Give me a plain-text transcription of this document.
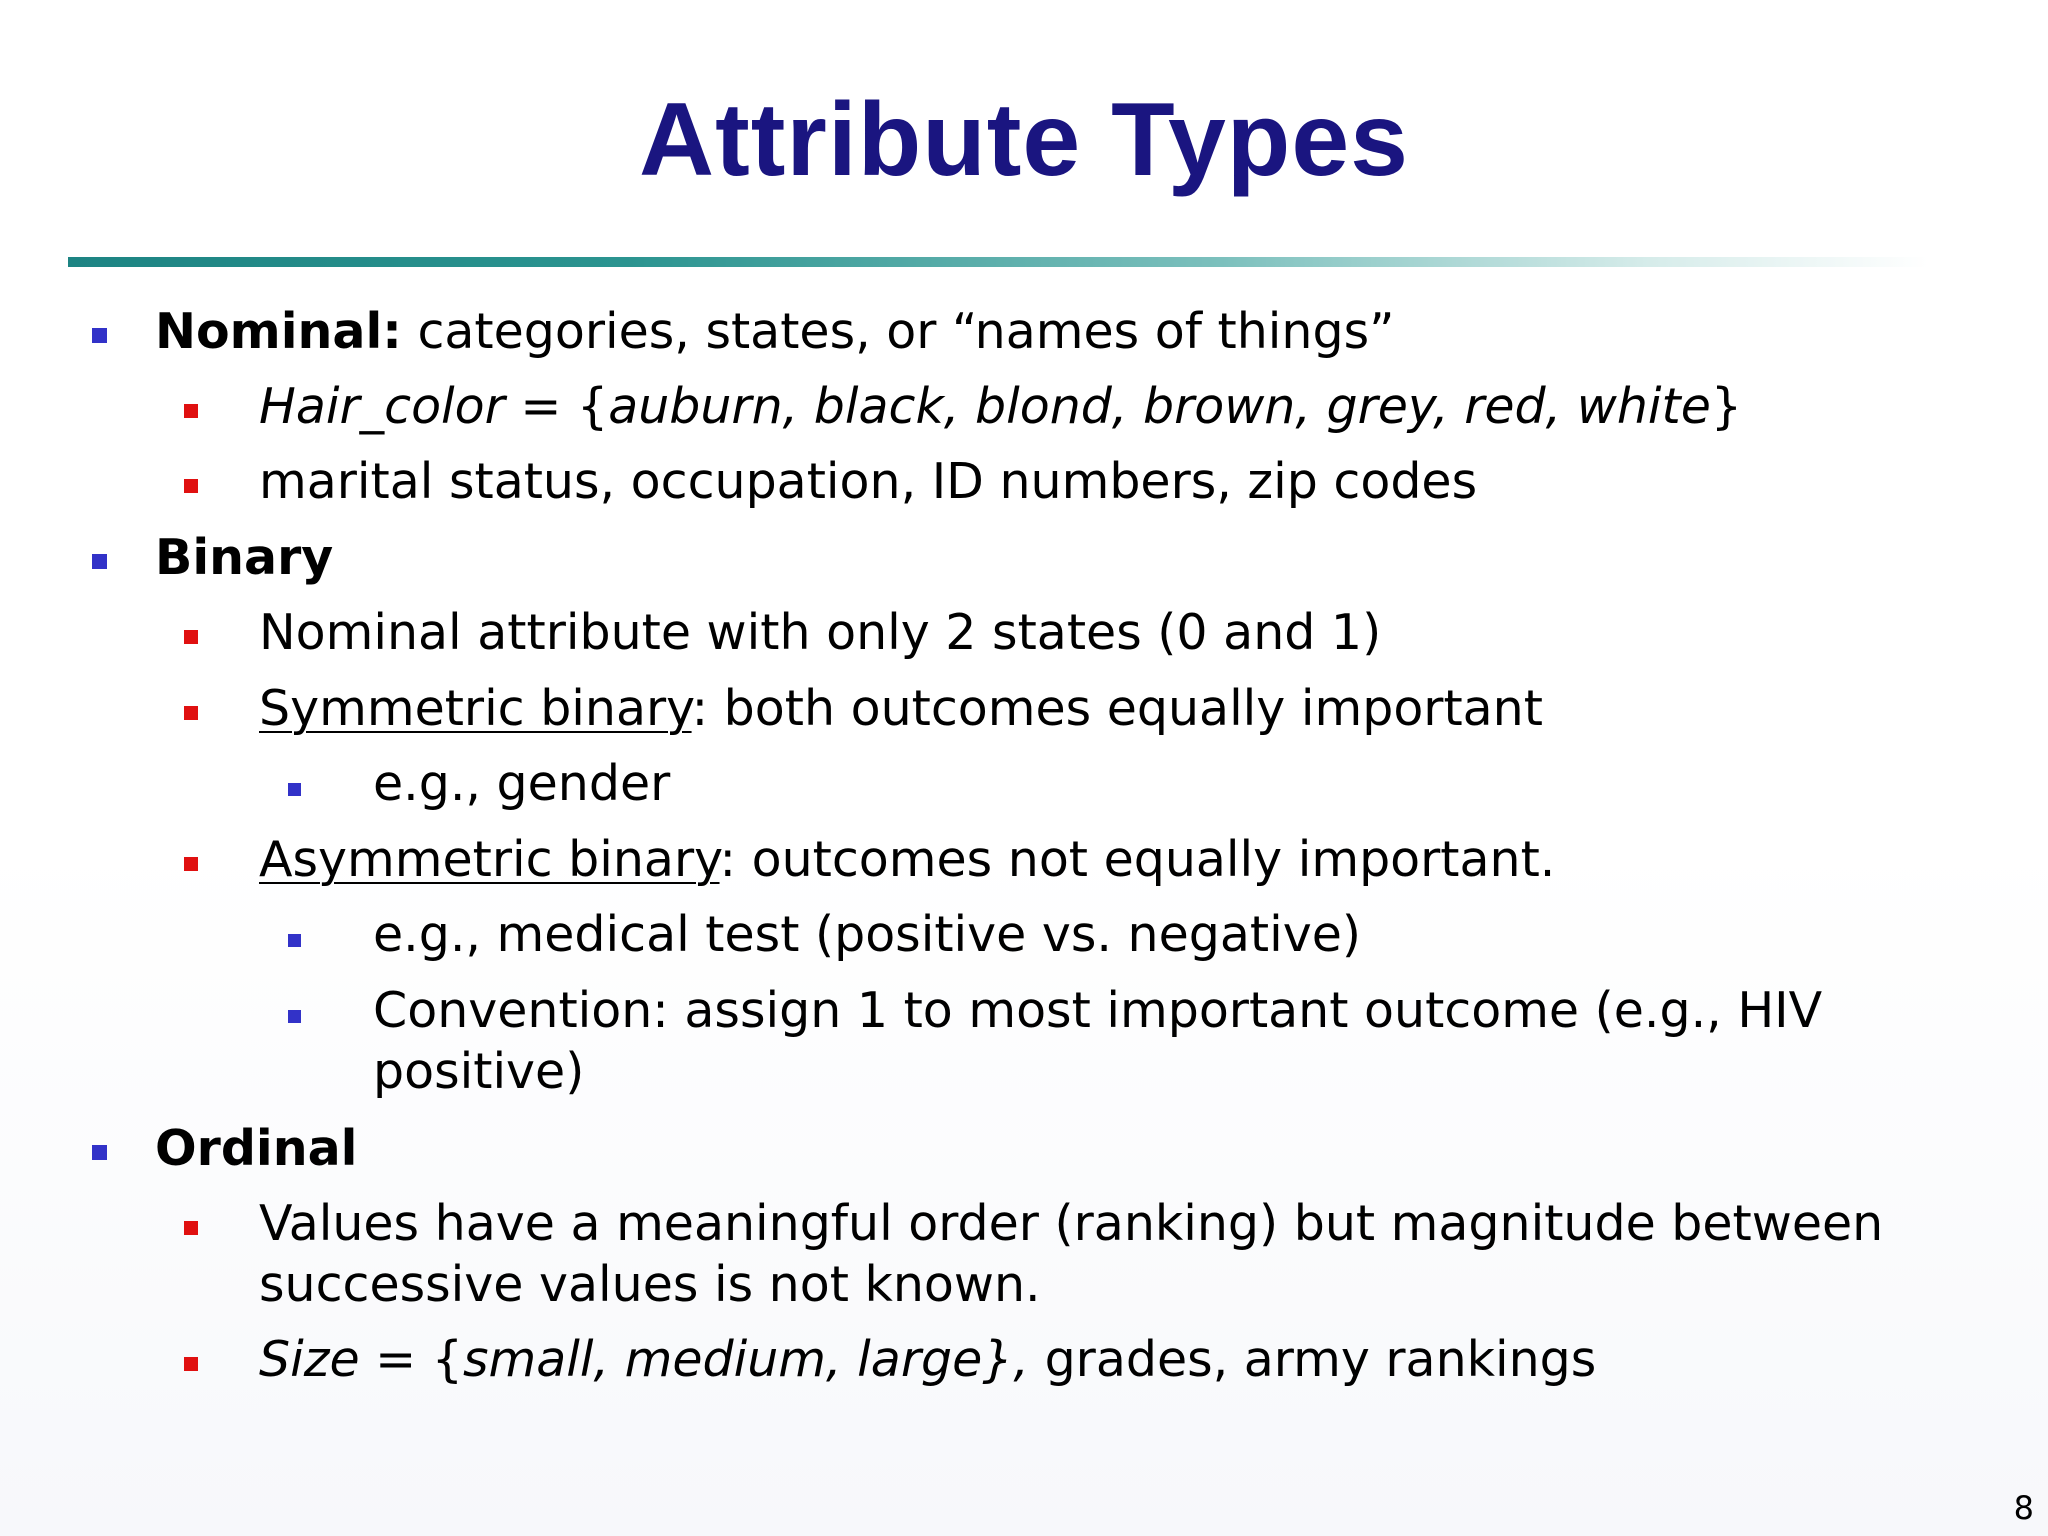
Attribute Types
Nominal: categories, states, or “names of things”
Hair_color = {auburn, black, blond, brown, grey, red, white}
marital status, occupation, ID numbers, zip codes
Binary
Nominal attribute with only 2 states (0 and 1)
Symmetric binary: both outcomes equally important
e.g., gender
Asymmetric binary: outcomes not equally important.
e.g., medical test (positive vs. negative)
Convention: assign 1 to most important outcome (e.g., HIV
positive)
Ordinal
Values have a meaningful order (ranking) but magnitude between
successive values is not known.
Size = {small, medium, large}, grades, army rankings
8
